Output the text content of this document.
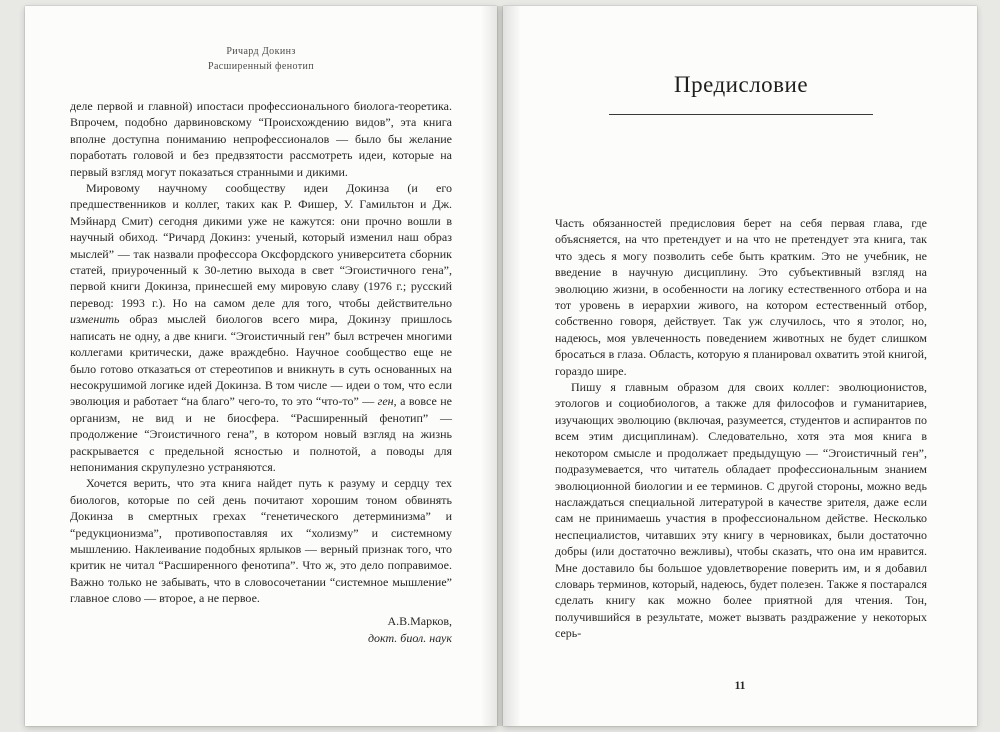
Ричард Докинз
Расширенный фенотип

деле первой и главной) ипостаси профессионального биолога-теоретика. Впрочем, подобно дарвиновскому “Происхождению видов”, эта книга вполне доступна пониманию непрофессионалов — было бы желание поработать головой и без предвзятости рассмотреть идеи, которые на первый взгляд могут показаться странными и дикими.

Мировому научному сообществу идеи Докинза (и его предшественников и коллег, таких как Р. Фишер, У. Гамильтон и Дж. Мэйнард Смит) сегодня дикими уже не кажутся: они прочно вошли в научный обиход. “Ричард Докинз: ученый, который изменил наш образ мыслей” — так назвали профессора Оксфордского университета сборник статей, приуроченный к 30-летию выхода в свет “Эгоистичного гена”, первой книги Докинза, принесшей ему мировую славу (1976 г.; русский перевод: 1993 г.). Но на самом деле для того, чтобы действительно изменить образ мыслей биологов всего мира, Докинзу пришлось написать не одну, а две книги. “Эгоистичный ген” был встречен многими коллегами критически, даже враждебно. Научное сообщество еще не было готово отказаться от стереотипов и вникнуть в суть основанных на несокрушимой логике идей Докинза. В том числе — идеи о том, что если эволюция и работает “на благо” чего-то, то это “что-то” — ген, а вовсе не организм, не вид и не биосфера. “Расширенный фенотип” — продолжение “Эгоистичного гена”, в котором новый взгляд на жизнь раскрывается с предельной ясностью и полнотой, а поводы для непонимания скрупулезно устраняются.

Хочется верить, что эта книга найдет путь к разуму и сердцу тех биологов, которые по сей день почитают хорошим тоном обвинять Докинза в смертных грехах “генетического детерминизма” и “редукционизма”, противопоставляя их “холизму” и системному мышлению. Наклеивание подобных ярлыков — верный признак того, что критик не читал “Расширенного фенотипа”. Что ж, это дело поправимое. Важно только не забывать, что в словосочетании “системное мышление” главное слово — второе, а не первое.

А.В.Марков,
докт. биол. наук
Предисловие

Часть обязанностей предисловия берет на себя первая глава, где объясняется, на что претендует и на что не претендует эта книга, так что здесь я могу позволить себе быть кратким. Это не учебник, не введение в научную дисциплину. Это субъективный взгляд на эволюцию жизни, в особенности на логику естественного отбора и на тот уровень в иерархии живого, на котором естественный отбор, собственно говоря, действует. Так уж случилось, что я этолог, но, надеюсь, моя увлеченность поведением животных не будет слишком бросаться в глаза. Область, которую я планировал охватить этой книгой, гораздо шире.

Пишу я главным образом для своих коллег: эволюционистов, этологов и социобиологов, а также для философов и гуманитариев, изучающих эволюцию (включая, разумеется, студентов и аспирантов по всем этим дисциплинам). Следовательно, хотя эта моя книга в некотором смысле и продолжает предыдущую — “Эгоистичный ген”, подразумевается, что читатель обладает профессиональным знанием эволюционной биологии и ее терминов. С другой стороны, можно ведь наслаждаться специальной литературой в качестве зрителя, даже если сам не принимаешь участия в профессиональном действе. Несколько неспециалистов, читавших эту книгу в черновиках, были достаточно добры (или достаточно вежливы), чтобы сказать, что она им нравится. Мне доставило бы большое удовлетворение поверить им, и я добавил словарь терминов, который, надеюсь, будет полезен. Также я постарался сделать книгу как можно более приятной для чтения. Тон, получившийся в результате, может вызвать раздражение у некоторых серь-

11
